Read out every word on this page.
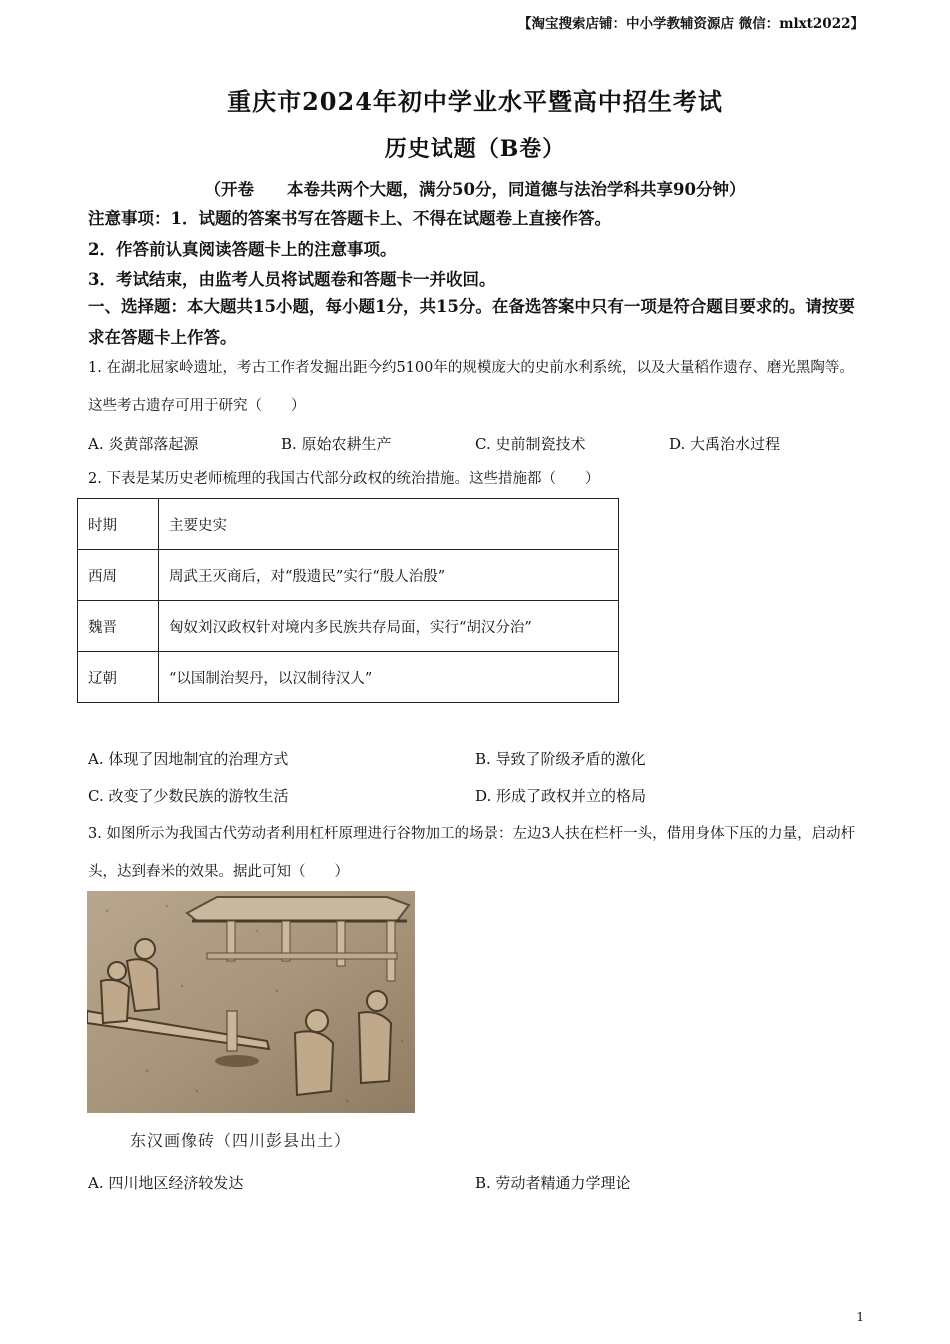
【淘宝搜索店铺：中小学教辅资源店 微信：mlxt2022】
重庆市2024年初中学业水平暨高中招生考试
历史试题（B卷）
（开卷　　本卷共两个大题，满分50分，同道德与法治学科共享90分钟）
注意事项：1．试题的答案书写在答题卡上、不得在试题卷上直接作答。
2．作答前认真阅读答题卡上的注意事项。
3．考试结束，由监考人员将试题卷和答题卡一并收回。
一、选择题：本大题共15小题，每小题1分，共15分。在备选答案中只有一项是符合题目要求的。请按要求在答题卡上作答。
1. 在湖北屈家岭遗址，考古工作者发掘出距今约5100年的规模庞大的史前水利系统，以及大量稻作遗存、磨光黑陶等。这些考古遗存可用于研究（　　）
A. 炎黄部落起源	B. 原始农耕生产	C. 史前制瓷技术	D. 大禹治水过程
2. 下表是某历史老师梳理的我国古代部分政权的统治措施。这些措施都（　　）
时期	主要史实
西周	周武王灭商后，对“殷遗民”实行“殷人治殷”
魏晋	匈奴刘汉政权针对境内多民族共存局面，实行“胡汉分治”
辽朝	“以国制治契丹，以汉制待汉人”
A. 体现了因地制宜的治理方式	B. 导致了阶级矛盾的激化
C. 改变了少数民族的游牧生活	D. 形成了政权并立的格局
3. 如图所示为我国古代劳动者利用杠杆原理进行谷物加工的场景：左边3人扶在栏杆一头，借用身体下压的力量，启动杆头，达到舂米的效果。据此可知（　　）
东汉画像砖（四川彭县出土）
A. 四川地区经济较发达	B. 劳动者精通力学理论
1
